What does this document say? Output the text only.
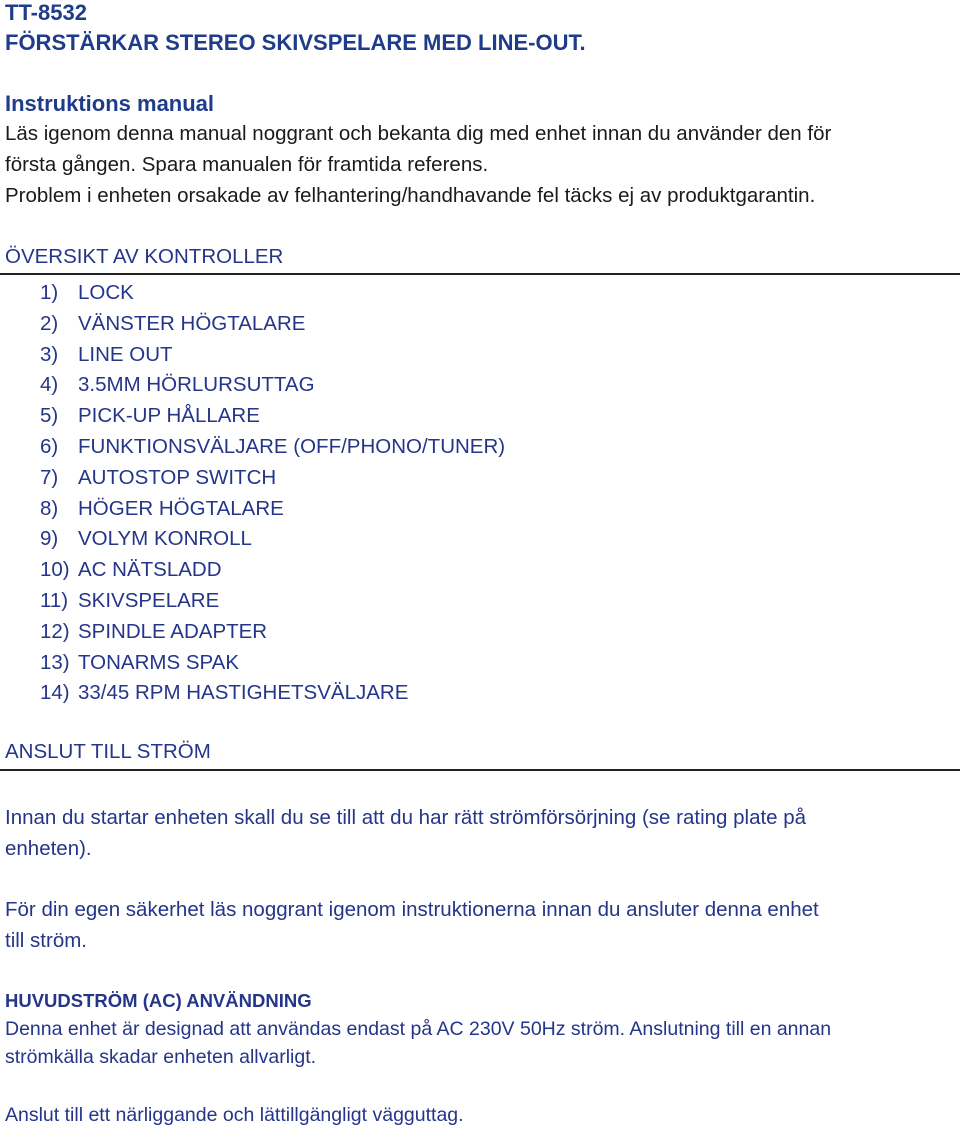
TT-8532
FÖRSTÄRKAR STEREO SKIVSPELARE MED LINE-OUT.
Instruktions manual
Läs igenom denna manual noggrant och bekanta dig med enhet innan du använder den för
första gången. Spara manualen för framtida referens.
Problem i enheten orsakade av felhantering/handhavande fel täcks ej av produktgarantin.
ÖVERSIKT AV KONTROLLER
1) LOCK
2) VÄNSTER HÖGTALARE
3) LINE OUT
4) 3.5MM HÖRLURSUTTAG
5) PICK-UP HÅLLARE
6) FUNKTIONSVÄLJARE (OFF/PHONO/TUNER)
7) AUTOSTOP SWITCH
8) HÖGER HÖGTALARE
9) VOLYM KONROLL
10) AC NÄTSLADD
11) SKIVSPELARE
12) SPINDLE ADAPTER
13) TONARMS SPAK
14) 33/45 RPM HASTIGHETSVÄLJARE
ANSLUT TILL STRÖM
Innan du startar enheten skall du se till att du har rätt strömförsörjning (se rating plate på
enheten).
För din egen säkerhet läs noggrant igenom instruktionerna innan du ansluter denna enhet
till ström.
HUVUDSTRÖM (AC) ANVÄNDNING
Denna enhet är designad att användas endast på AC 230V 50Hz ström. Anslutning till en annan
strömkälla skadar enheten allvarligt.
Anslut till ett närliggande och lättillgängligt vägguttag.
